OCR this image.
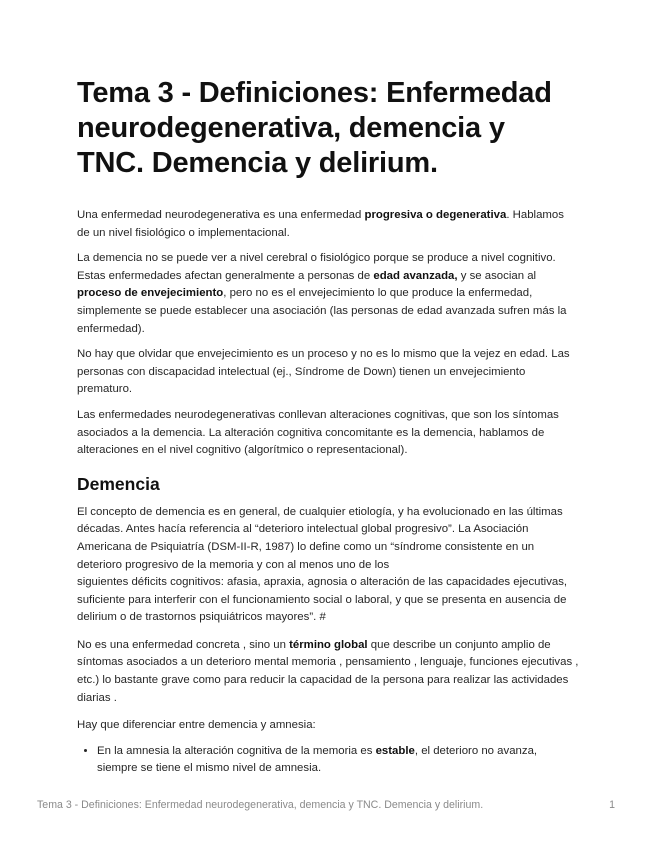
Tema 3 - Definiciones: Enfermedad neurodegenerativa, demencia y TNC. Demencia y delirium.

Una enfermedad neurodegenerativa es una enfermedad progresiva o degenerativa. Hablamos de un nivel fisiológico o implementacional.

La demencia no se puede ver a nivel cerebral o fisiológico porque se produce a nivel cognitivo. Estas enfermedades afectan generalmente a personas de edad avanzada, y se asocian al proceso de envejecimiento, pero no es el envejecimiento lo que produce la enfermedad, simplemente se puede establecer una asociación (las personas de edad avanzada sufren más la enfermedad).

No hay que olvidar que envejecimiento es un proceso y no es lo mismo que la vejez en edad. Las personas con discapacidad intelectual (ej., Síndrome de Down) tienen un envejecimiento prematuro.

Las enfermedades neurodegenerativas conllevan alteraciones cognitivas, que son los síntomas asociados a la demencia. La alteración cognitiva concomitante es la demencia, hablamos de alteraciones en el nivel cognitivo (algorítmico o representacional).

Demencia

El concepto de demencia es en general, de cualquier etiología, y ha evolucionado en las últimas décadas. Antes hacía referencia al “deterioro intelectual global progresivo”. La Asociación Americana de Psiquiatría (DSM-II-R, 1987) lo define como un “síndrome consistente en un deterioro progresivo de la memoria y con al menos uno de los
siguientes déficits cognitivos: afasia, apraxia, agnosia o alteración de las capacidades ejecutivas, suficiente para interferir con el funcionamiento social o laboral, y que se presenta en ausencia de delirium o de trastornos psiquiátricos mayores”. #

No es una enfermedad concreta , sino un término global que describe un conjunto amplio de síntomas asociados a un deterioro mental memoria , pensamiento , lenguaje, funciones ejecutivas , etc.) lo bastante grave como para reducir la capacidad de la persona para realizar las actividades diarias .

Hay que diferenciar entre demencia y amnesia:

• En la amnesia la alteración cognitiva de la memoria es estable, el deterioro no avanza, siempre se tiene el mismo nivel de amnesia.
Tema 3 - Definiciones: Enfermedad neurodegenerativa, demencia y TNC. Demencia y delirium.	1
